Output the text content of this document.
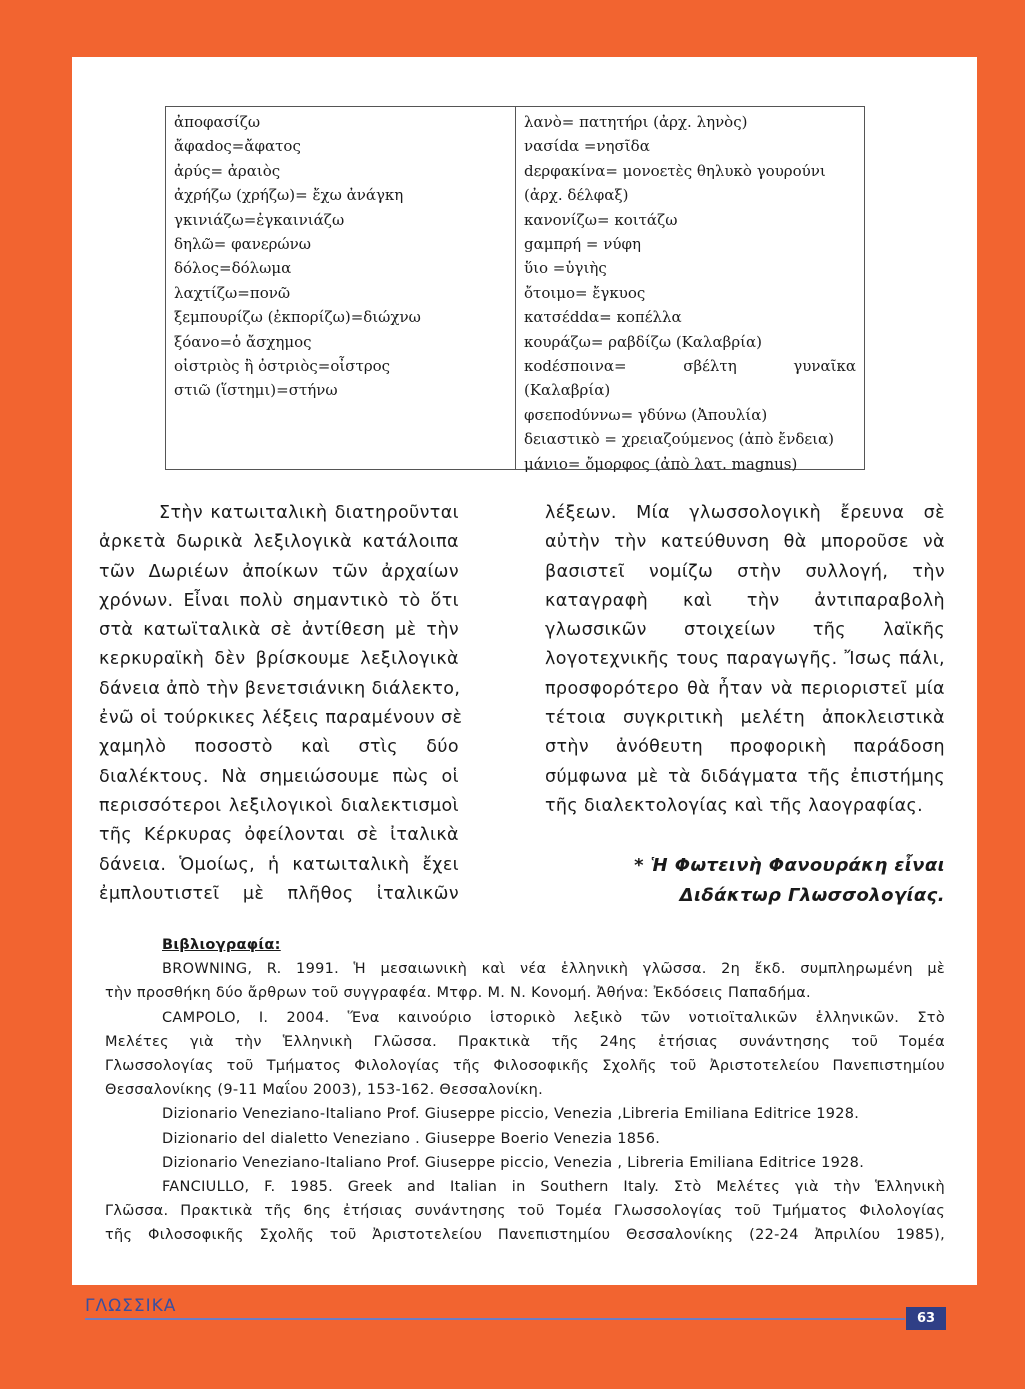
ἀποφασίζω
ἄφαdος=ἄφατος
ἀρύς= ἀραιὸς
ἀχρήζω (χρήζω)= ἔχω ἀνάγκη
γκινιάζω=ἐγκαινιάζω
δηλῶ= φανερώνω
δόλος=δόλωμα
λαχτίζω=πονῶ
ξεμπουρίζω (ἐκπορίζω)=διώχνω
ξόανο=ὁ ἄσχημος
οἰστριὸς ἢ ὀστριὸς=οἶστρος
στιῶ (ἵστημι)=στήνω
λανὸ= πατητήρι (ἀρχ. ληνὸς)
νασίdα =νησῖδα
dερφακίνα= μονοετὲς θηλυκὸ γουρούνι
(ἀρχ. δέλφαξ)
κανονίζω= κοιτάζω
gαμπρή = νύφη
ὕιο =ὑγιὴς
ὄτοιμο= ἔγκυος
κατσέddα= κοπέλλα
κουράζω= ραβδίζω (Καλαβρία)
κοdέσποινα= σβέλτη γυναῖκα
(Καλαβρία)
φσεποdύννω= γδύνω (Ἀπουλία)
δειαστικὸ = χρειαζούμενος (ἀπὸ ἔνδεια)
μάνιο= ὄμορφος (ἀπὸ λατ. magnus)
Στὴν κατωιταλικὴ διατηροῦνται
ἀρκετὰ δωρικὰ λεξιλογικὰ κατάλοιπα
τῶν Δωριέων ἀποίκων τῶν ἀρχαίων
χρόνων. Εἶναι πολὺ σημαντικὸ τὸ ὅτι
στὰ κατωϊταλικὰ σὲ ἀντίθεση μὲ τὴν
κερκυραϊκὴ δὲν βρίσκουμε λεξιλογικὰ
δάνεια ἀπὸ τὴν βενετσιάνικη διάλεκτο,
ἐνῶ οἱ τούρκικες λέξεις παραμένουν σὲ
χαμηλὸ ποσοστὸ καὶ στὶς δύο
διαλέκτους. Νὰ σημειώσουμε πὼς οἱ
περισσότεροι λεξιλογικοὶ διαλεκτισμοὶ
τῆς Κέρκυρας ὀφείλονται σὲ ἰταλικὰ
δάνεια. Ὁμοίως, ἡ κατωιταλικὴ ἔχει
ἐμπλουτιστεῖ μὲ πλῆθος ἰταλικῶν
λέξεων. Μία γλωσσολογικὴ ἔρευνα σὲ
αὐτὴν τὴν κατεύθυνση θὰ μποροῦσε νὰ
βασιστεῖ νομίζω στὴν συλλογή, τὴν
καταγραφὴ καὶ τὴν ἀντιπαραβολὴ
γλωσσικῶν στοιχείων τῆς λαϊκῆς
λογοτεχνικῆς τους παραγωγῆς. Ἴσως πάλι,
προσφορότερο θὰ ἦταν νὰ περιοριστεῖ μία
τέτοια συγκριτικὴ μελέτη ἀποκλειστικὰ
στὴν ἀνόθευτη προφορικὴ παράδοση
σύμφωνα μὲ τὰ διδάγματα τῆς ἐπιστήμης
τῆς διαλεκτολογίας καὶ τῆς λαογραφίας.
* Ἡ Φωτεινὴ Φανουράκη εἶναι
Διδάκτωρ Γλωσσολογίας.
Βιβλιογραφία:
BROWNING, R. 1991. Ἡ μεσαιωνικὴ καὶ νέα ἑλληνικὴ γλῶσσα. 2η ἔκδ. συμπληρωμένη μὲ
τὴν προσθήκη δύο ἄρθρων τοῦ συγγραφέα. Μτφρ. Μ. Ν. Κονομή. Ἀθήνα: Ἐκδόσεις Παπαδήμα.
CAMPOLO, I. 2004. Ἕνα καινούριο ἱστορικὸ λεξικὸ τῶν νοτιοϊταλικῶν ἑλληνικῶν. Στὸ
Μελέτες γιὰ τὴν Ἑλληνικὴ Γλῶσσα. Πρακτικὰ τῆς 24ης ἐτήσιας συνάντησης τοῦ Τομέα
Γλωσσολογίας τοῦ Τμήματος Φιλολογίας τῆς Φιλοσοφικῆς Σχολῆς τοῦ Ἀριστοτελείου Πανεπιστημίου
Θεσσαλονίκης (9-11 Μαΐου 2003), 153-162. Θεσσαλονίκη.
Dizionario Veneziano-Italiano Prof. Giuseppe piccio, Venezia ,Libreria Emiliana Editrice 1928.
Dizionario del dialetto Veneziano . Giuseppe Boerio Venezia 1856.
Dizionario Veneziano-Italiano Prof. Giuseppe piccio, Venezia , Libreria Emiliana Editrice 1928.
FANCIULLO, F. 1985. Greek and Italian in Southern Italy. Στὸ Μελέτες γιὰ τὴν Ἑλληνικὴ
Γλῶσσα. Πρακτικὰ τῆς 6ης ἐτήσιας συνάντησης τοῦ Τομέα Γλωσσολογίας τοῦ Τμήματος Φιλολογίας
τῆς Φιλοσοφικῆς Σχολῆς τοῦ Ἀριστοτελείου Πανεπιστημίου Θεσσαλονίκης (22-24 Ἀπριλίου 1985),
ΓΛΩΣΣΙΚΑ
63
